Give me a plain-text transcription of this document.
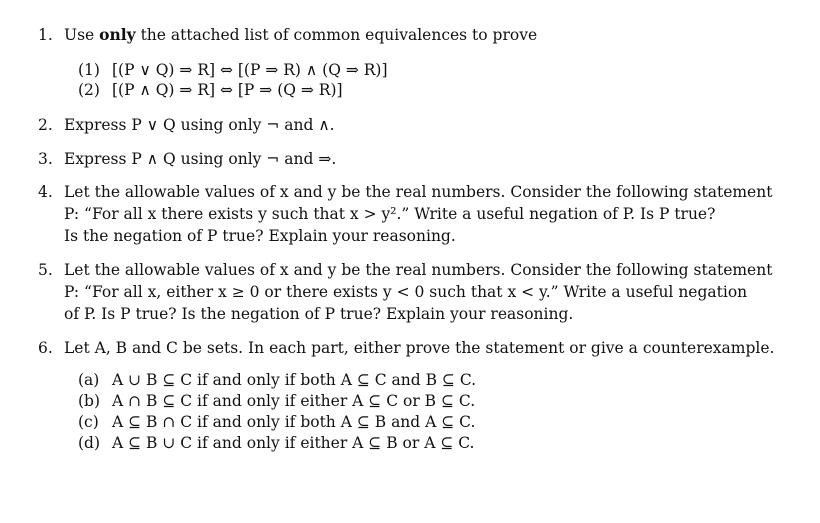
1. Use only the attached list of common equivalences to prove
(1) [(P ∨ Q) ⇒ R] ⇔ [(P ⇒ R) ∧ (Q ⇒ R)]
(2) [(P ∧ Q) ⇒ R] ⇔ [P ⇒ (Q ⇒ R)]
2. Express P ∨ Q using only ¬ and ∧.
3. Express P ∧ Q using only ¬ and ⇒.
4. Let the allowable values of x and y be the real numbers. Consider the following statement
P: “For all x there exists y such that x > y².” Write a useful negation of P. Is P true?
Is the negation of P true? Explain your reasoning.
5. Let the allowable values of x and y be the real numbers. Consider the following statement
P: “For all x, either x ≥ 0 or there exists y < 0 such that x < y.” Write a useful negation
of P. Is P true? Is the negation of P true? Explain your reasoning.
6. Let A, B and C be sets. In each part, either prove the statement or give a counterexample.
(a) A ∪ B ⊆ C if and only if both A ⊆ C and B ⊆ C.
(b) A ∩ B ⊆ C if and only if either A ⊆ C or B ⊆ C.
(c) A ⊆ B ∩ C if and only if both A ⊆ B and A ⊆ C.
(d) A ⊆ B ∪ C if and only if either A ⊆ B or A ⊆ C.
